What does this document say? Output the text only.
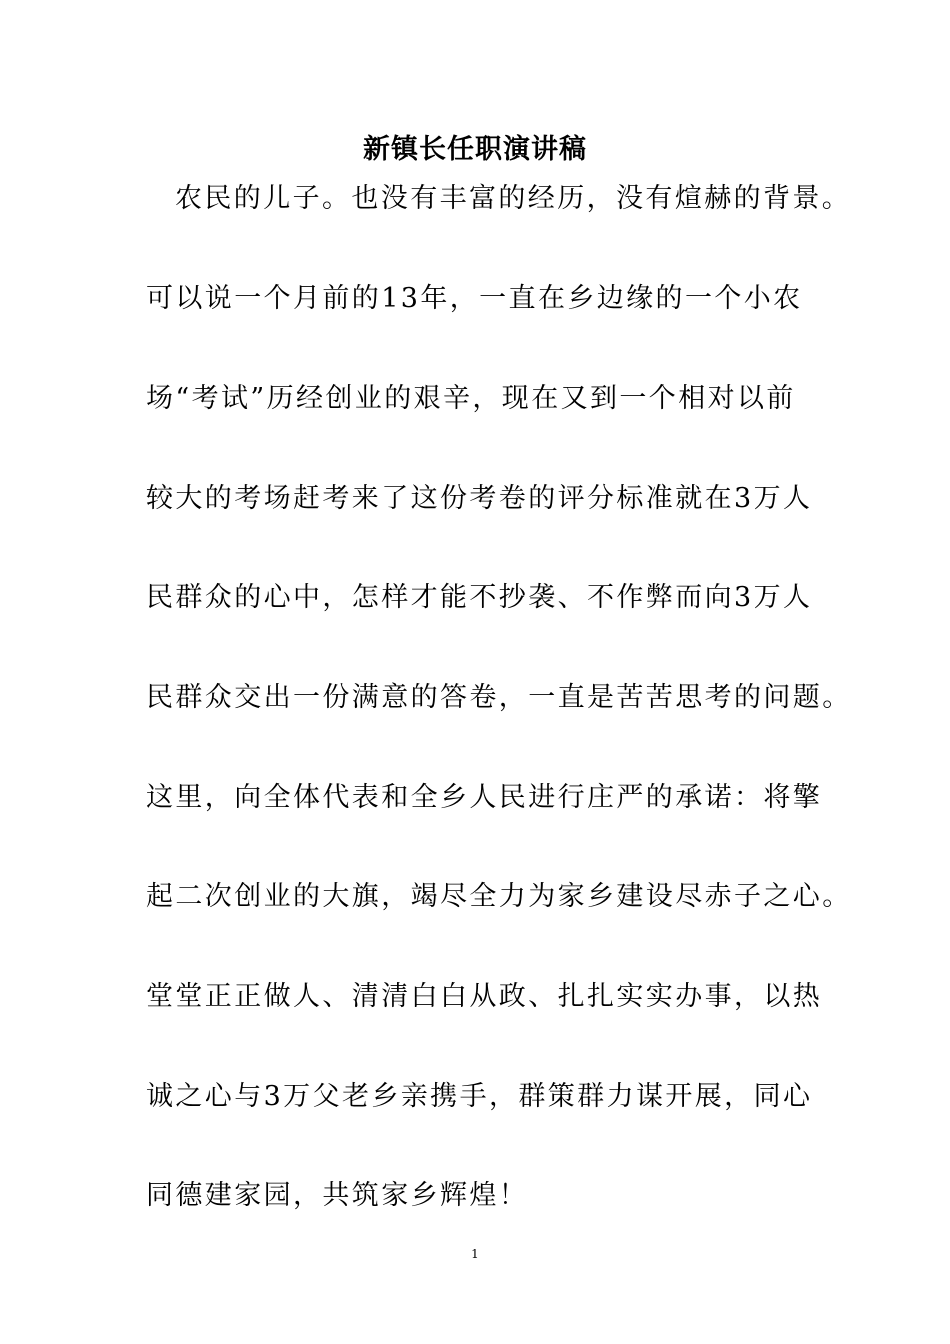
新镇长任职演讲稿
农民的儿子。也没有丰富的经历，没有煊赫的背景。
可以说一个月前的13年，一直在乡边缘的一个小农
场“考试”历经创业的艰辛，现在又到一个相对以前
较大的考场赶考来了这份考卷的评分标准就在3万人
民群众的心中，怎样才能不抄袭、不作弊而向3万人
民群众交出一份满意的答卷，一直是苦苦思考的问题。
这里，向全体代表和全乡人民进行庄严的承诺：将擎
起二次创业的大旗，竭尽全力为家乡建设尽赤子之心。
堂堂正正做人、清清白白从政、扎扎实实办事，以热
诚之心与3万父老乡亲携手，群策群力谋开展，同心
同德建家园，共筑家乡辉煌！
1
